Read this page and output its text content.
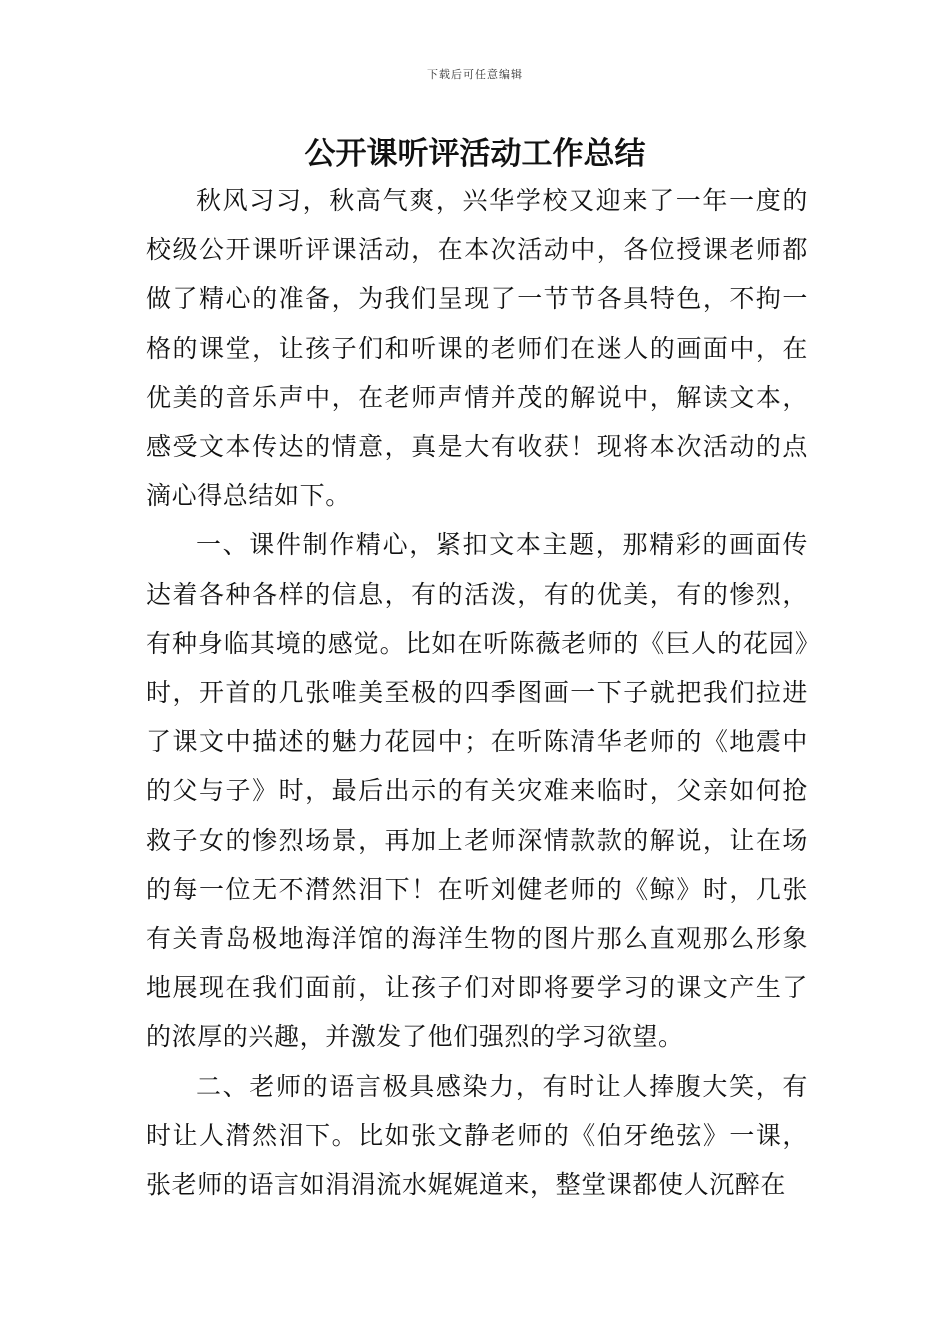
下载后可任意编辑
公开课听评活动工作总结

秋风习习，秋高气爽，兴华学校又迎来了一年一度的校级公开课听评课活动，在本次活动中，各位授课老师都做了精心的准备，为我们呈现了一节节各具特色，不拘一格的课堂，让孩子们和听课的老师们在迷人的画面中，在优美的音乐声中，在老师声情并茂的解说中，解读文本，感受文本传达的情意，真是大有收获！现将本次活动的点滴心得总结如下。

一、课件制作精心，紧扣文本主题，那精彩的画面传达着各种各样的信息，有的活泼，有的优美，有的惨烈，有种身临其境的感觉。比如在听陈薇老师的《巨人的花园》时，开首的几张唯美至极的四季图画一下子就把我们拉进了课文中描述的魅力花园中；在听陈清华老师的《地震中的父与子》时，最后出示的有关灾难来临时，父亲如何抢救子女的惨烈场景，再加上老师深情款款的解说，让在场的每一位无不潸然泪下！在听刘健老师的《鲸》时，几张有关青岛极地海洋馆的海洋生物的图片那么直观那么形象地展现在我们面前，让孩子们对即将要学习的课文产生了的浓厚的兴趣，并激发了他们强烈的学习欲望。

二、老师的语言极具感染力，有时让人捧腹大笑，有时让人潸然泪下。比如张文静老师的《伯牙绝弦》一课，张老师的语言如涓涓流水娓娓道来，整堂课都使人沉醉在
